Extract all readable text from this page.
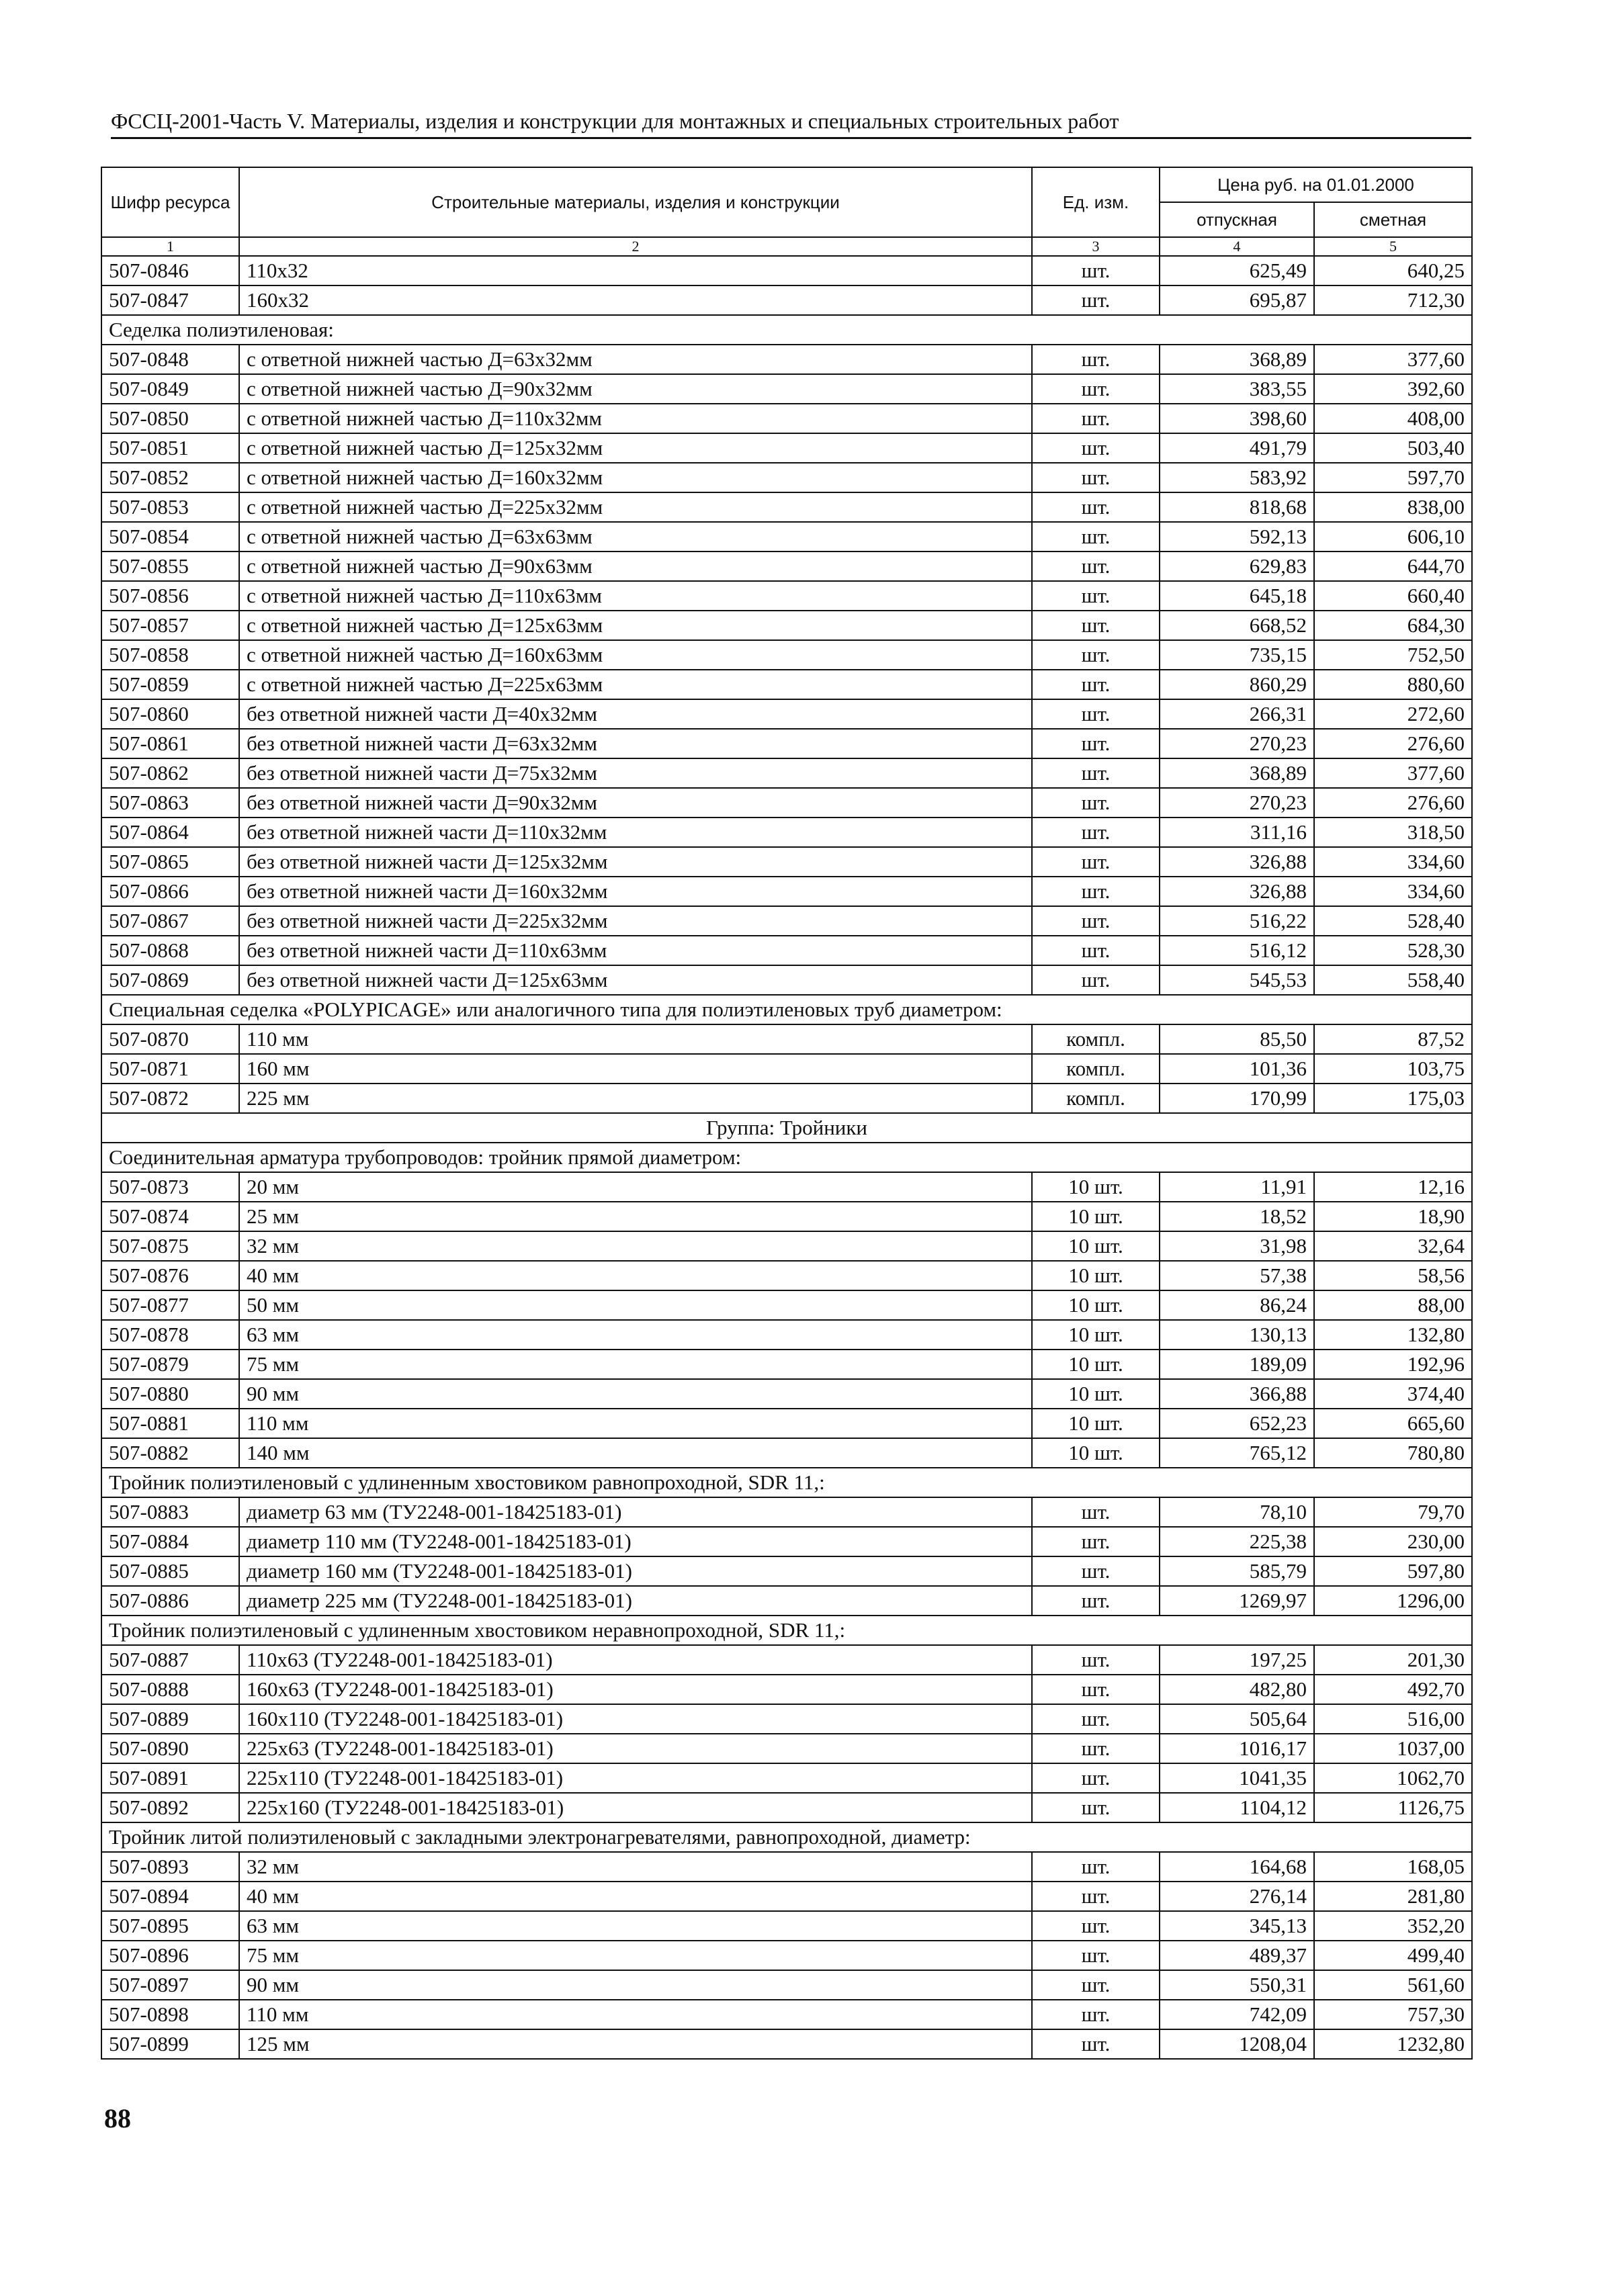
ФССЦ-2001-Часть V. Материалы, изделия и конструкции для монтажных и специальных строительных работ
Шифр ресурса	Строительные материалы, изделия и конструкции	Ед. изм.	Цена руб. на 01.01.2000	
			отпускная	сметная
1	2	3	4	5
507-0846	110х32	шт.	625,49	640,25
507-0847	160х32	шт.	695,87	712,30
Седелка полиэтиленовая:				
507-0848	с ответной нижней частью Д=63х32мм	шт.	368,89	377,60
507-0849	с ответной нижней частью Д=90х32мм	шт.	383,55	392,60
507-0850	с ответной нижней частью Д=110х32мм	шт.	398,60	408,00
507-0851	с ответной нижней частью Д=125х32мм	шт.	491,79	503,40
507-0852	с ответной нижней частью Д=160х32мм	шт.	583,92	597,70
507-0853	с ответной нижней частью Д=225х32мм	шт.	818,68	838,00
507-0854	с ответной нижней частью Д=63х63мм	шт.	592,13	606,10
507-0855	с ответной нижней частью Д=90х63мм	шт.	629,83	644,70
507-0856	с ответной нижней частью Д=110х63мм	шт.	645,18	660,40
507-0857	с ответной нижней частью Д=125х63мм	шт.	668,52	684,30
507-0858	с ответной нижней частью Д=160х63мм	шт.	735,15	752,50
507-0859	с ответной нижней частью Д=225х63мм	шт.	860,29	880,60
507-0860	без ответной нижней части Д=40х32мм	шт.	266,31	272,60
507-0861	без ответной нижней части Д=63х32мм	шт.	270,23	276,60
507-0862	без ответной нижней части Д=75х32мм	шт.	368,89	377,60
507-0863	без ответной нижней части Д=90х32мм	шт.	270,23	276,60
507-0864	без ответной нижней части Д=110х32мм	шт.	311,16	318,50
507-0865	без ответной нижней части Д=125х32мм	шт.	326,88	334,60
507-0866	без ответной нижней части Д=160х32мм	шт.	326,88	334,60
507-0867	без ответной нижней части Д=225х32мм	шт.	516,22	528,40
507-0868	без ответной нижней части Д=110х63мм	шт.	516,12	528,30
507-0869	без ответной нижней части Д=125х63мм	шт.	545,53	558,40
Специальная седелка «POLYPICAGE» или аналогичного типа для полиэтиленовых труб диаметром:				
507-0870	110 мм	компл.	85,50	87,52
507-0871	160 мм	компл.	101,36	103,75
507-0872	225 мм	компл.	170,99	175,03
Группа: Тройники				
Соединительная арматура трубопроводов: тройник прямой диаметром:				
507-0873	20 мм	10 шт.	11,91	12,16
507-0874	25 мм	10 шт.	18,52	18,90
507-0875	32 мм	10 шт.	31,98	32,64
507-0876	40 мм	10 шт.	57,38	58,56
507-0877	50 мм	10 шт.	86,24	88,00
507-0878	63 мм	10 шт.	130,13	132,80
507-0879	75 мм	10 шт.	189,09	192,96
507-0880	90 мм	10 шт.	366,88	374,40
507-0881	110 мм	10 шт.	652,23	665,60
507-0882	140 мм	10 шт.	765,12	780,80
Тройник полиэтиленовый с удлиненным хвостовиком равнопроходной, SDR 11,:				
507-0883	диаметр 63 мм (ТУ2248-001-18425183-01)	шт.	78,10	79,70
507-0884	диаметр 110 мм (ТУ2248-001-18425183-01)	шт.	225,38	230,00
507-0885	диаметр 160 мм (ТУ2248-001-18425183-01)	шт.	585,79	597,80
507-0886	диаметр 225 мм (ТУ2248-001-18425183-01)	шт.	1269,97	1296,00
Тройник полиэтиленовый с удлиненным хвостовиком неравнопроходной, SDR 11,:				
507-0887	110х63 (ТУ2248-001-18425183-01)	шт.	197,25	201,30
507-0888	160х63 (ТУ2248-001-18425183-01)	шт.	482,80	492,70
507-0889	160х110 (ТУ2248-001-18425183-01)	шт.	505,64	516,00
507-0890	225х63 (ТУ2248-001-18425183-01)	шт.	1016,17	1037,00
507-0891	225х110 (ТУ2248-001-18425183-01)	шт.	1041,35	1062,70
507-0892	225х160 (ТУ2248-001-18425183-01)	шт.	1104,12	1126,75
Тройник литой полиэтиленовый с закладными электронагревателями, равнопроходной, диаметр:				
507-0893	32 мм	шт.	164,68	168,05
507-0894	40 мм	шт.	276,14	281,80
507-0895	63 мм	шт.	345,13	352,20
507-0896	75 мм	шт.	489,37	499,40
507-0897	90 мм	шт.	550,31	561,60
507-0898	110 мм	шт.	742,09	757,30
507-0899	125 мм	шт.	1208,04	1232,80
88
